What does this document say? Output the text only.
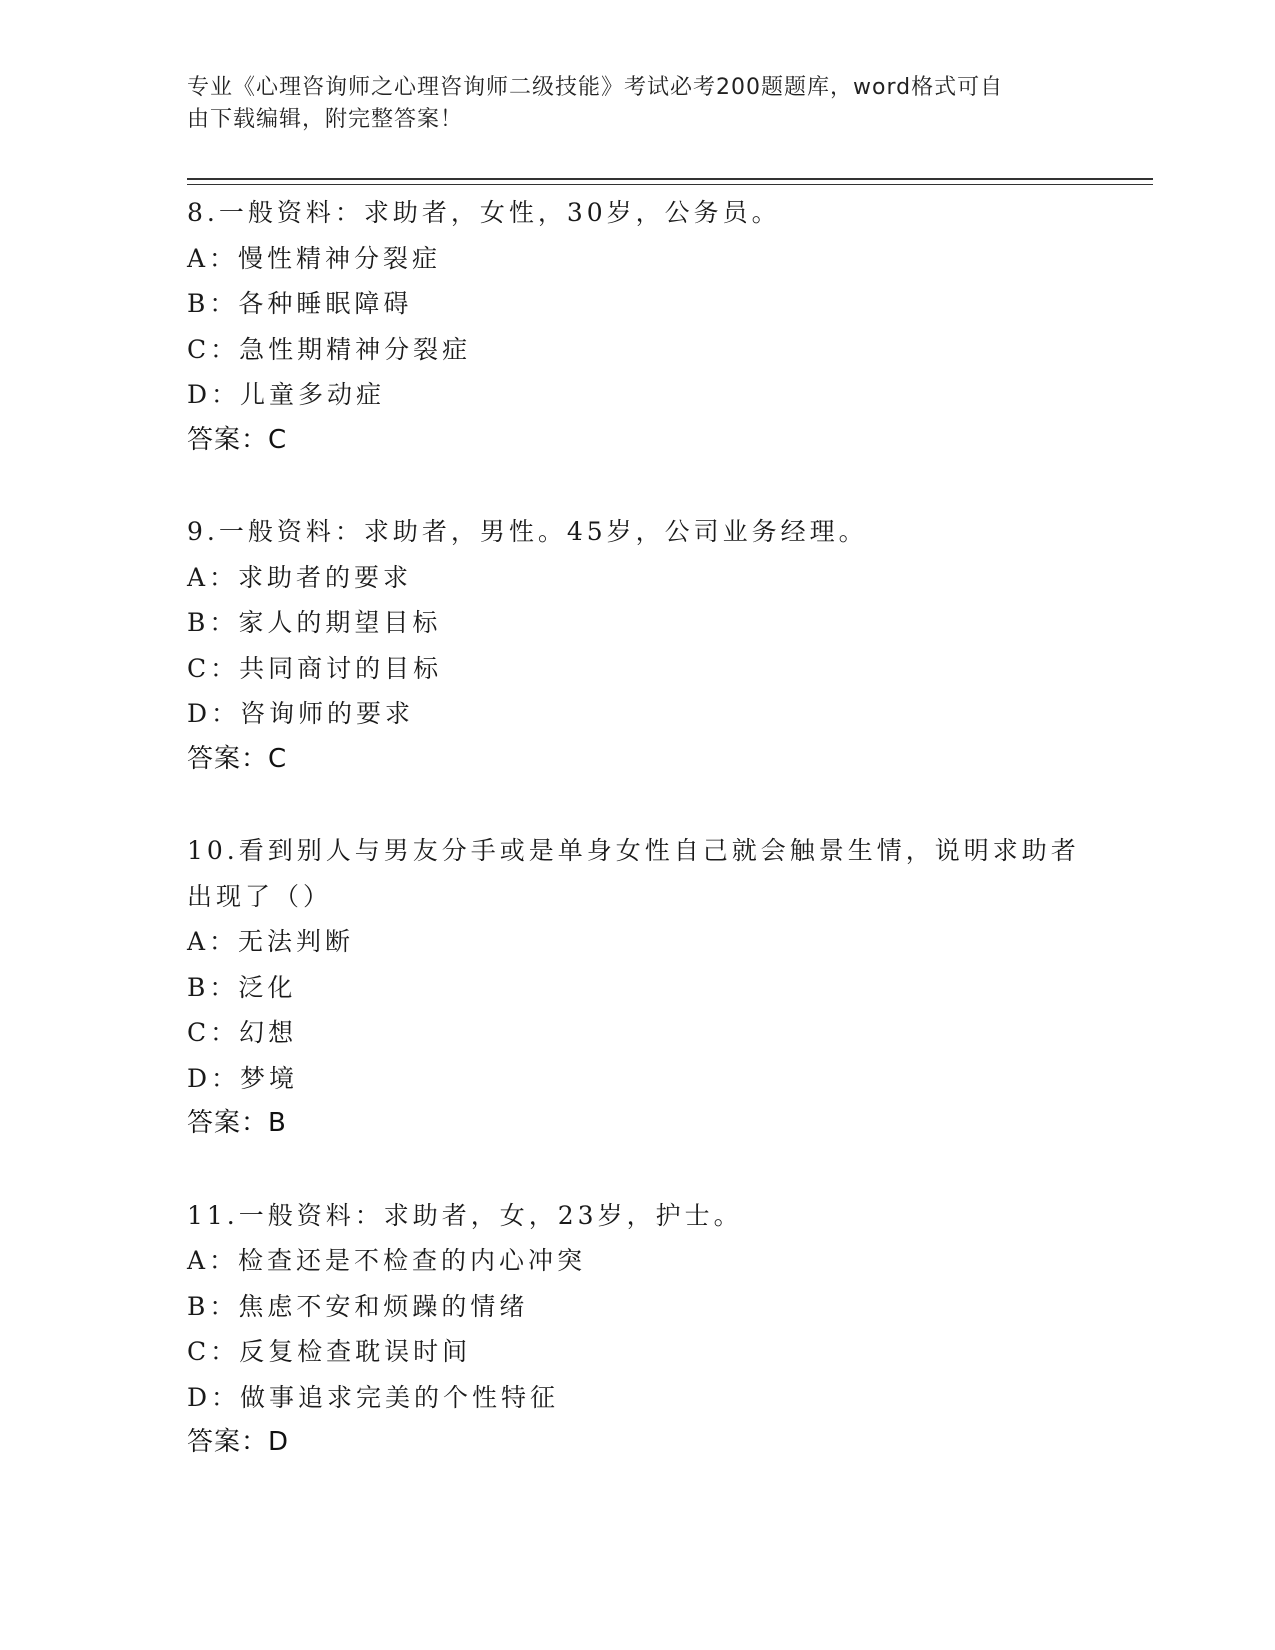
专业《心理咨询师之心理咨询师二级技能》考试必考200题题库，word格式可自
由下载编辑，附完整答案！
8.一般资料：求助者，女性，30岁，公务员。
A：慢性精神分裂症
B：各种睡眠障碍
C：急性期精神分裂症
D：儿童多动症
答案：C
9.一般资料：求助者，男性。45岁，公司业务经理。
A：求助者的要求
B：家人的期望目标
C：共同商讨的目标
D：咨询师的要求
答案：C
10.看到别人与男友分手或是单身女性自己就会触景生情，说明求助者出现了（）
A：无法判断
B：泛化
C：幻想
D：梦境
答案：B
11.一般资料：求助者，女，23岁，护士。
A：检查还是不检查的内心冲突
B：焦虑不安和烦躁的情绪
C：反复检查耽误时间
D：做事追求完美的个性特征
答案：D
